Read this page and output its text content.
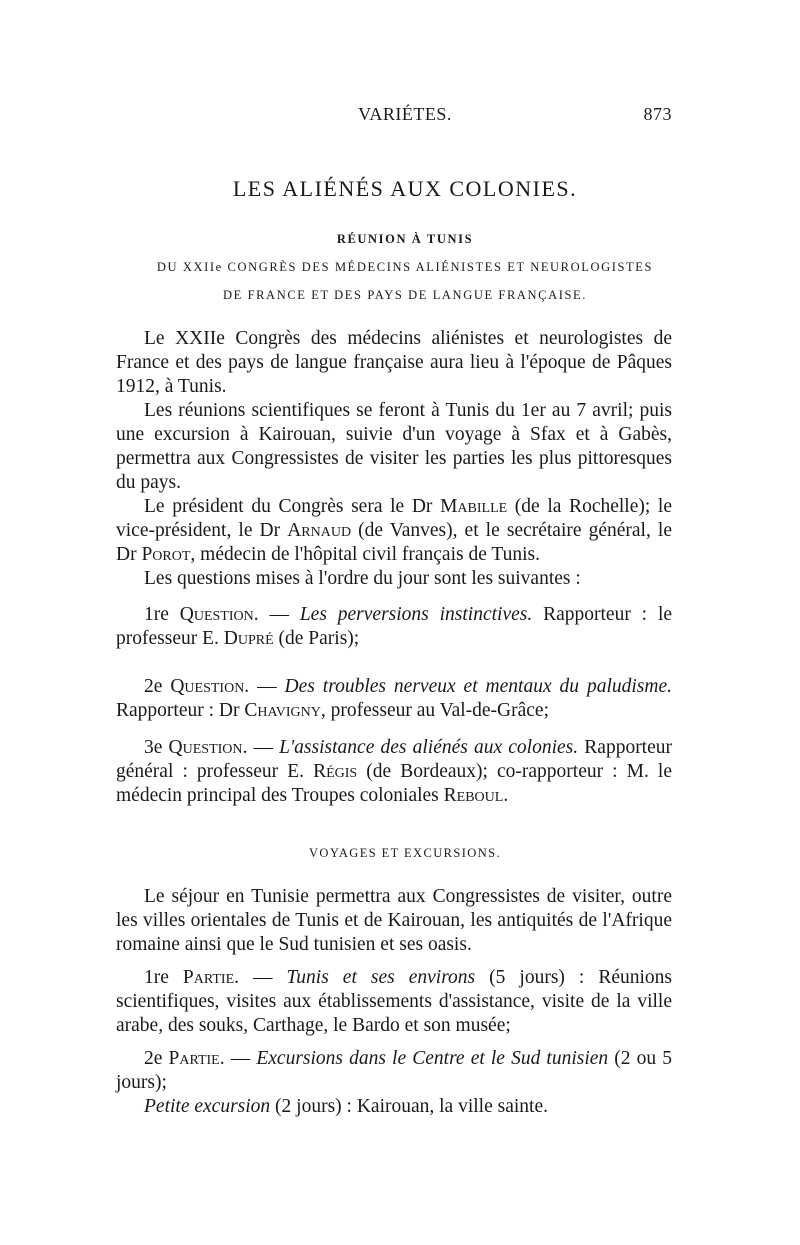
VARIÉTES.	873
LES ALIÉNÉS AUX COLONIES.
RÉUNION À TUNIS
DU XXIIe CONGRÈS DES MÉDECINS ALIÉNISTES ET NEUROLOGISTES
DE FRANCE ET DES PAYS DE LANGUE FRANÇAISE.

Le XXIIe Congrès des médecins aliénistes et neurologistes de France et des pays de langue française aura lieu à l'époque de Pâques 1912, à Tunis.

Les réunions scientifiques se feront à Tunis du 1er au 7 avril; puis une excursion à Kairouan, suivie d'un voyage à Sfax et à Gabès, permettra aux Congressistes de visiter les parties les plus pittoresques du pays.

Le président du Congrès sera le Dr Mabille (de la Rochelle); le vice-président, le Dr Arnaud (de Vanves), et le secrétaire général, le Dr Porot, médecin de l'hôpital civil français de Tunis.

Les questions mises à l'ordre du jour sont les suivantes :

1re Question. — Les perversions instinctives. Rapporteur : le professeur E. Dupré (de Paris);

2e Question. — Des troubles nerveux et mentaux du paludisme. Rapporteur : Dr Chavigny, professeur au Val-de-Grâce;

3e Question. — L'assistance des aliénés aux colonies. Rapporteur général : professeur E. Régis (de Bordeaux); co-rapporteur : M. le médecin principal des Troupes coloniales Reboul.

VOYAGES ET EXCURSIONS.

Le séjour en Tunisie permettra aux Congressistes de visiter, outre les villes orientales de Tunis et de Kairouan, les antiquités de l'Afrique romaine ainsi que le Sud tunisien et ses oasis.

1re Partie. — Tunis et ses environs (5 jours) : Réunions scientifiques, visites aux établissements d'assistance, visite de la ville arabe, des souks, Carthage, le Bardo et son musée;

2e Partie. — Excursions dans le Centre et le Sud tunisien (2 ou 5 jours);

Petite excursion (2 jours) : Kairouan, la ville sainte.
